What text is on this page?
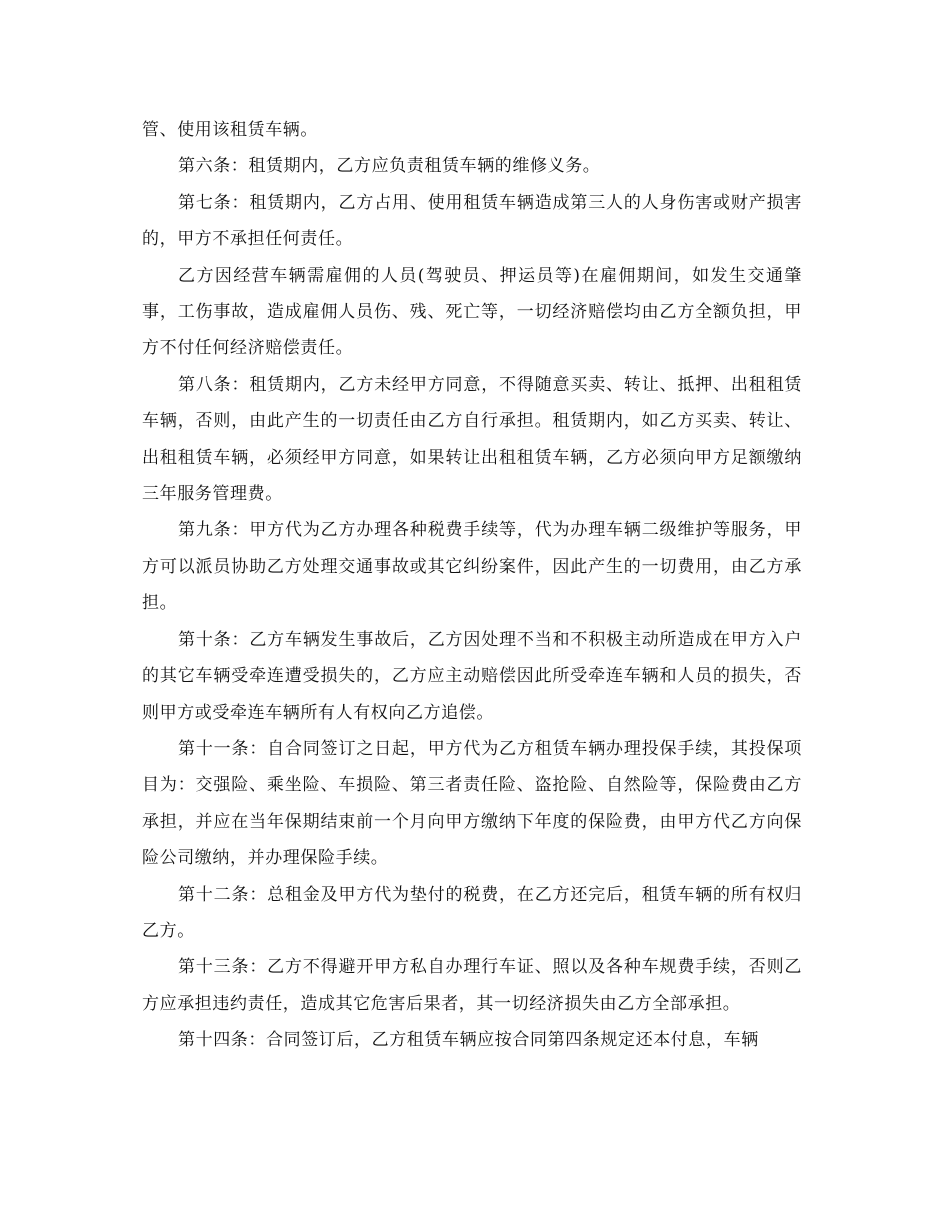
管、使用该租赁车辆。

第六条：租赁期内，乙方应负责租赁车辆的维修义务。

第七条：租赁期内，乙方占用、使用租赁车辆造成第三人的人身伤害或财产损害的，甲方不承担任何责任。

乙方因经营车辆需雇佣的人员(驾驶员、押运员等)在雇佣期间，如发生交通肇事，工伤事故，造成雇佣人员伤、残、死亡等，一切经济赔偿均由乙方全额负担，甲方不付任何经济赔偿责任。

第八条：租赁期内，乙方未经甲方同意，不得随意买卖、转让、抵押、出租租赁车辆，否则，由此产生的一切责任由乙方自行承担。租赁期内，如乙方买卖、转让、出租租赁车辆，必须经甲方同意，如果转让出租租赁车辆，乙方必须向甲方足额缴纳三年服务管理费。

第九条：甲方代为乙方办理各种税费手续等，代为办理车辆二级维护等服务，甲方可以派员协助乙方处理交通事故或其它纠纷案件，因此产生的一切费用，由乙方承担。

第十条：乙方车辆发生事故后，乙方因处理不当和不积极主动所造成在甲方入户的其它车辆受牵连遭受损失的，乙方应主动赔偿因此所受牵连车辆和人员的损失，否则甲方或受牵连车辆所有人有权向乙方追偿。

第十一条：自合同签订之日起，甲方代为乙方租赁车辆办理投保手续，其投保项目为：交强险、乘坐险、车损险、第三者责任险、盗抢险、自然险等，保险费由乙方承担，并应在当年保期结束前一个月向甲方缴纳下年度的保险费，由甲方代乙方向保险公司缴纳，并办理保险手续。

第十二条：总租金及甲方代为垫付的税费，在乙方还完后，租赁车辆的所有权归乙方。

第十三条：乙方不得避开甲方私自办理行车证、照以及各种车规费手续，否则乙方应承担违约责任，造成其它危害后果者，其一切经济损失由乙方全部承担。

第十四条：合同签订后，乙方租赁车辆应按合同第四条规定还本付息，车辆
